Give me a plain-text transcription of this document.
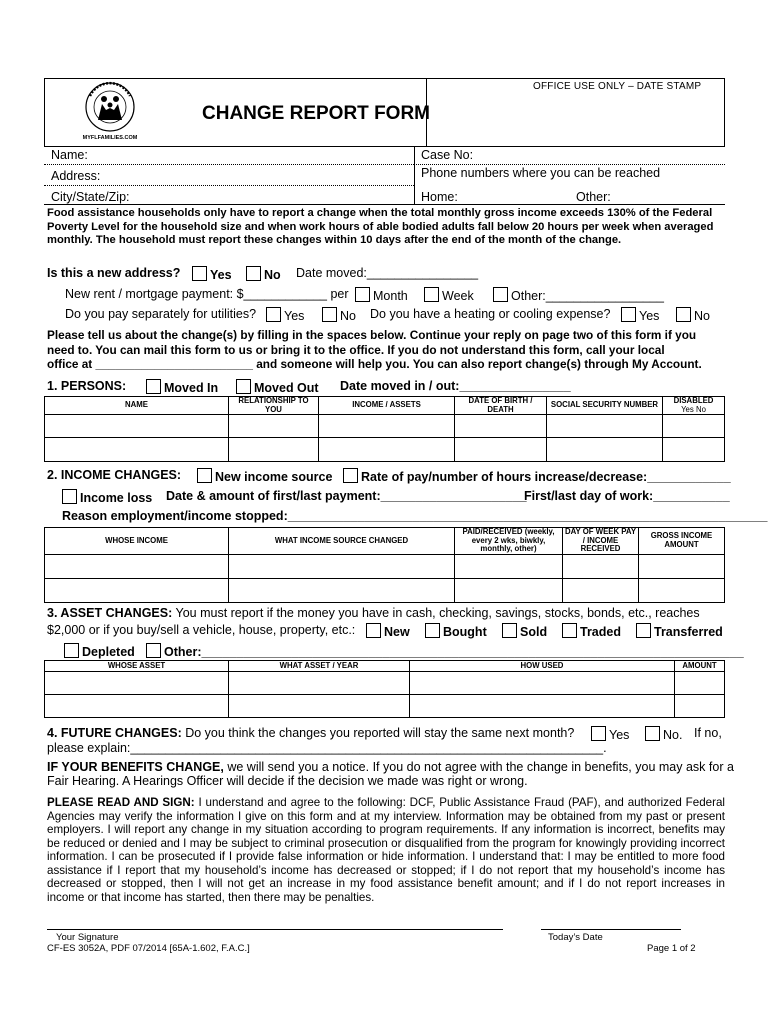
MYFLFAMILIES.COM
OFFICE USE ONLY – DATE STAMP
CHANGE REPORT FORM
Name:	Case No:
Address:	Phone numbers where you can be reached
City/State/Zip:	Home:	Other:
Food assistance households only have to report a change when the total monthly gross income exceeds 130% of the Federal Poverty Level for the household size and when work hours of able bodied adults fall below 20 hours per week when averaged monthly. The household must report these changes within 10 days after the end of the month of the change.
Is this a new address?	Yes	No Date moved:________________
New rent / mortgage payment: $____________ per	Month	Week	Other:_________________
Do you pay separately for utilities?	Yes	No Do you have a heating or cooling expense?	Yes	No
Please tell us about the change(s) by filling in the spaces below. Continue your reply on page two of this form if you
need to. You can mail this form to us or bring it to the office. If you do not understand this form, call your local
office at ________________________ and someone will help you. You can also report change(s) through My Account.
1. PERSONS:	Moved In	Moved Out Date moved in / out:________________
NAME	RELATIONSHIP TO YOU	INCOME / ASSETS	DATE OF BIRTH / DEATH	SOCIAL SECURITY NUMBER	DISABLED
Yes No

2. INCOME CHANGES:	New income source	Rate of pay/number of hours increase/decrease:____________
Income loss Date & amount of first/last payment:_____________________
First/last day of work:___________
Reason employment/income stopped:_____________________________________________________________________
WHOSE INCOME	WHAT INCOME SOURCE CHANGED	PAID/RECEIVED (weekly, every 2 wks, biwkly, monthly, other)	DAY OF WEEK PAY / INCOME RECEIVED	GROSS INCOME AMOUNT

3. ASSET CHANGES: You must report if the money you have in cash, checking, savings, stocks, bonds, etc., reaches
$2,000 or if you buy/sell a vehicle, house, property, etc.:	New	Bought	Sold	Traded	Transferred
Depleted	Other:______________________________________________________________________________
WHOSE ASSET	WHAT ASSET / YEAR	HOW USED	AMOUNT

4. FUTURE CHANGES: Do you think the changes you reported will stay the same next month?	Yes	No. If no,
please explain:____________________________________________________________________.
IF YOUR BENEFITS CHANGE, we will send you a notice. If you do not agree with the change in benefits, you may ask for a
Fair Hearing. A Hearings Officer will decide if the decision we made was right or wrong.
PLEASE READ AND SIGN: I understand and agree to the following: DCF, Public Assistance Fraud (PAF), and authorized Federal Agencies may verify the information I give on this form and at my interview. Information may be obtained from my past or present employers. I will report any change in my situation according to program requirements. If any information is incorrect, benefits may be reduced or denied and I may be subject to criminal prosecution or disqualified from the program for knowingly providing incorrect information. I can be prosecuted if I provide false information or hide information. I understand that: I may be entitled to more food assistance if I report that my household’s income has decreased or stopped; if I do not report that my household’s income has decreased or stopped, then I will not get an increase in my food assistance benefit amount; and if I do not report increases in income or that income has started, then there may be penalties.
Your Signature	Today’s Date
CF-ES 3052A, PDF 07/2014 [65A-1.602, F.A.C.]	Page 1 of 2
